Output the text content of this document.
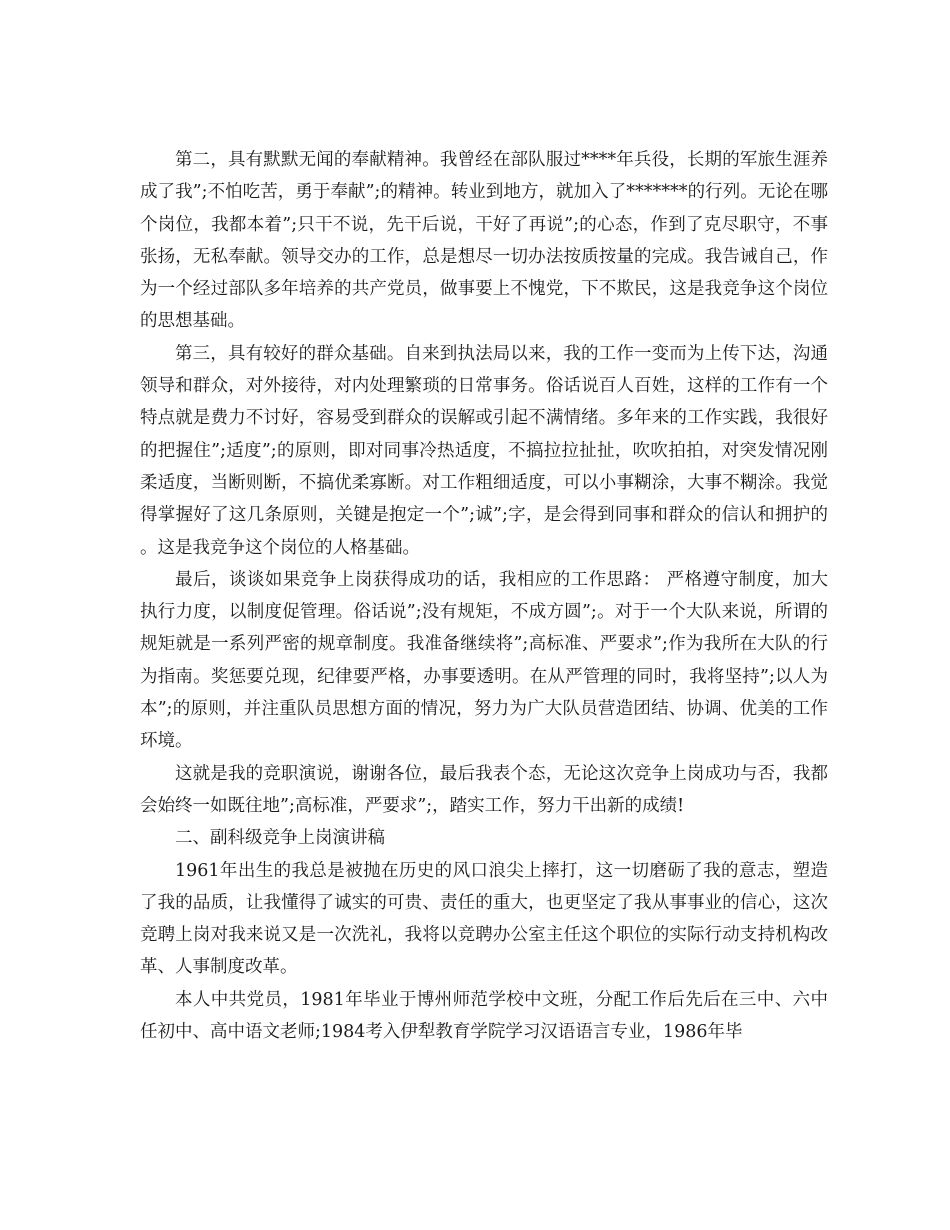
第二，具有默默无闻的奉献精神。我曾经在部队服过****年兵役，长期的军旅生涯养成了我”;不怕吃苦，勇于奉献”;的精神。转业到地方，就加入了*******的行列。无论在哪个岗位，我都本着”;只干不说，先干后说，干好了再说”;的心态，作到了克尽职守，不事张扬，无私奉献。领导交办的工作，总是想尽一切办法按质按量的完成。我告诫自己，作为一个经过部队多年培养的共产党员，做事要上不愧党，下不欺民，这是我竞争这个岗位的思想基础。

第三，具有较好的群众基础。自来到执法局以来，我的工作一变而为上传下达，沟通领导和群众，对外接待，对内处理繁琐的日常事务。俗话说百人百姓，这样的工作有一个特点就是费力不讨好，容易受到群众的误解或引起不满情绪。多年来的工作实践，我很好的把握住”;适度”;的原则，即对同事冷热适度，不搞拉拉扯扯，吹吹拍拍，对突发情况刚柔适度，当断则断，不搞优柔寡断。对工作粗细适度，可以小事糊涂，大事不糊涂。我觉得掌握好了这几条原则，关键是抱定一个”;诚”;字，是会得到同事和群众的信认和拥护的。这是我竞争这个岗位的人格基础。

最后，谈谈如果竞争上岗获得成功的话，我相应的工作思路： 严格遵守制度，加大执行力度，以制度促管理。俗话说”;没有规矩，不成方圆”;。对于一个大队来说，所谓的规矩就是一系列严密的规章制度。我准备继续将”;高标准、严要求”;作为我所在大队的行为指南。奖惩要兑现，纪律要严格，办事要透明。在从严管理的同时，我将坚持”;以人为本”;的原则，并注重队员思想方面的情况，努力为广大队员营造团结、协调、优美的工作环境。

这就是我的竞职演说，谢谢各位，最后我表个态，无论这次竞争上岗成功与否，我都会始终一如既往地”;高标准，严要求”;，踏实工作，努力干出新的成绩!

二、副科级竞争上岗演讲稿

1961年出生的我总是被抛在历史的风口浪尖上摔打，这一切磨砺了我的意志，塑造了我的品质，让我懂得了诚实的可贵、责任的重大，也更坚定了我从事事业的信心，这次竞聘上岗对我来说又是一次洗礼，我将以竞聘办公室主任这个职位的实际行动支持机构改革、人事制度改革。

本人中共党员，1981年毕业于博州师范学校中文班，分配工作后先后在三中、六中任初中、高中语文老师;1984考入伊犁教育学院学习汉语语言专业，1986年毕
